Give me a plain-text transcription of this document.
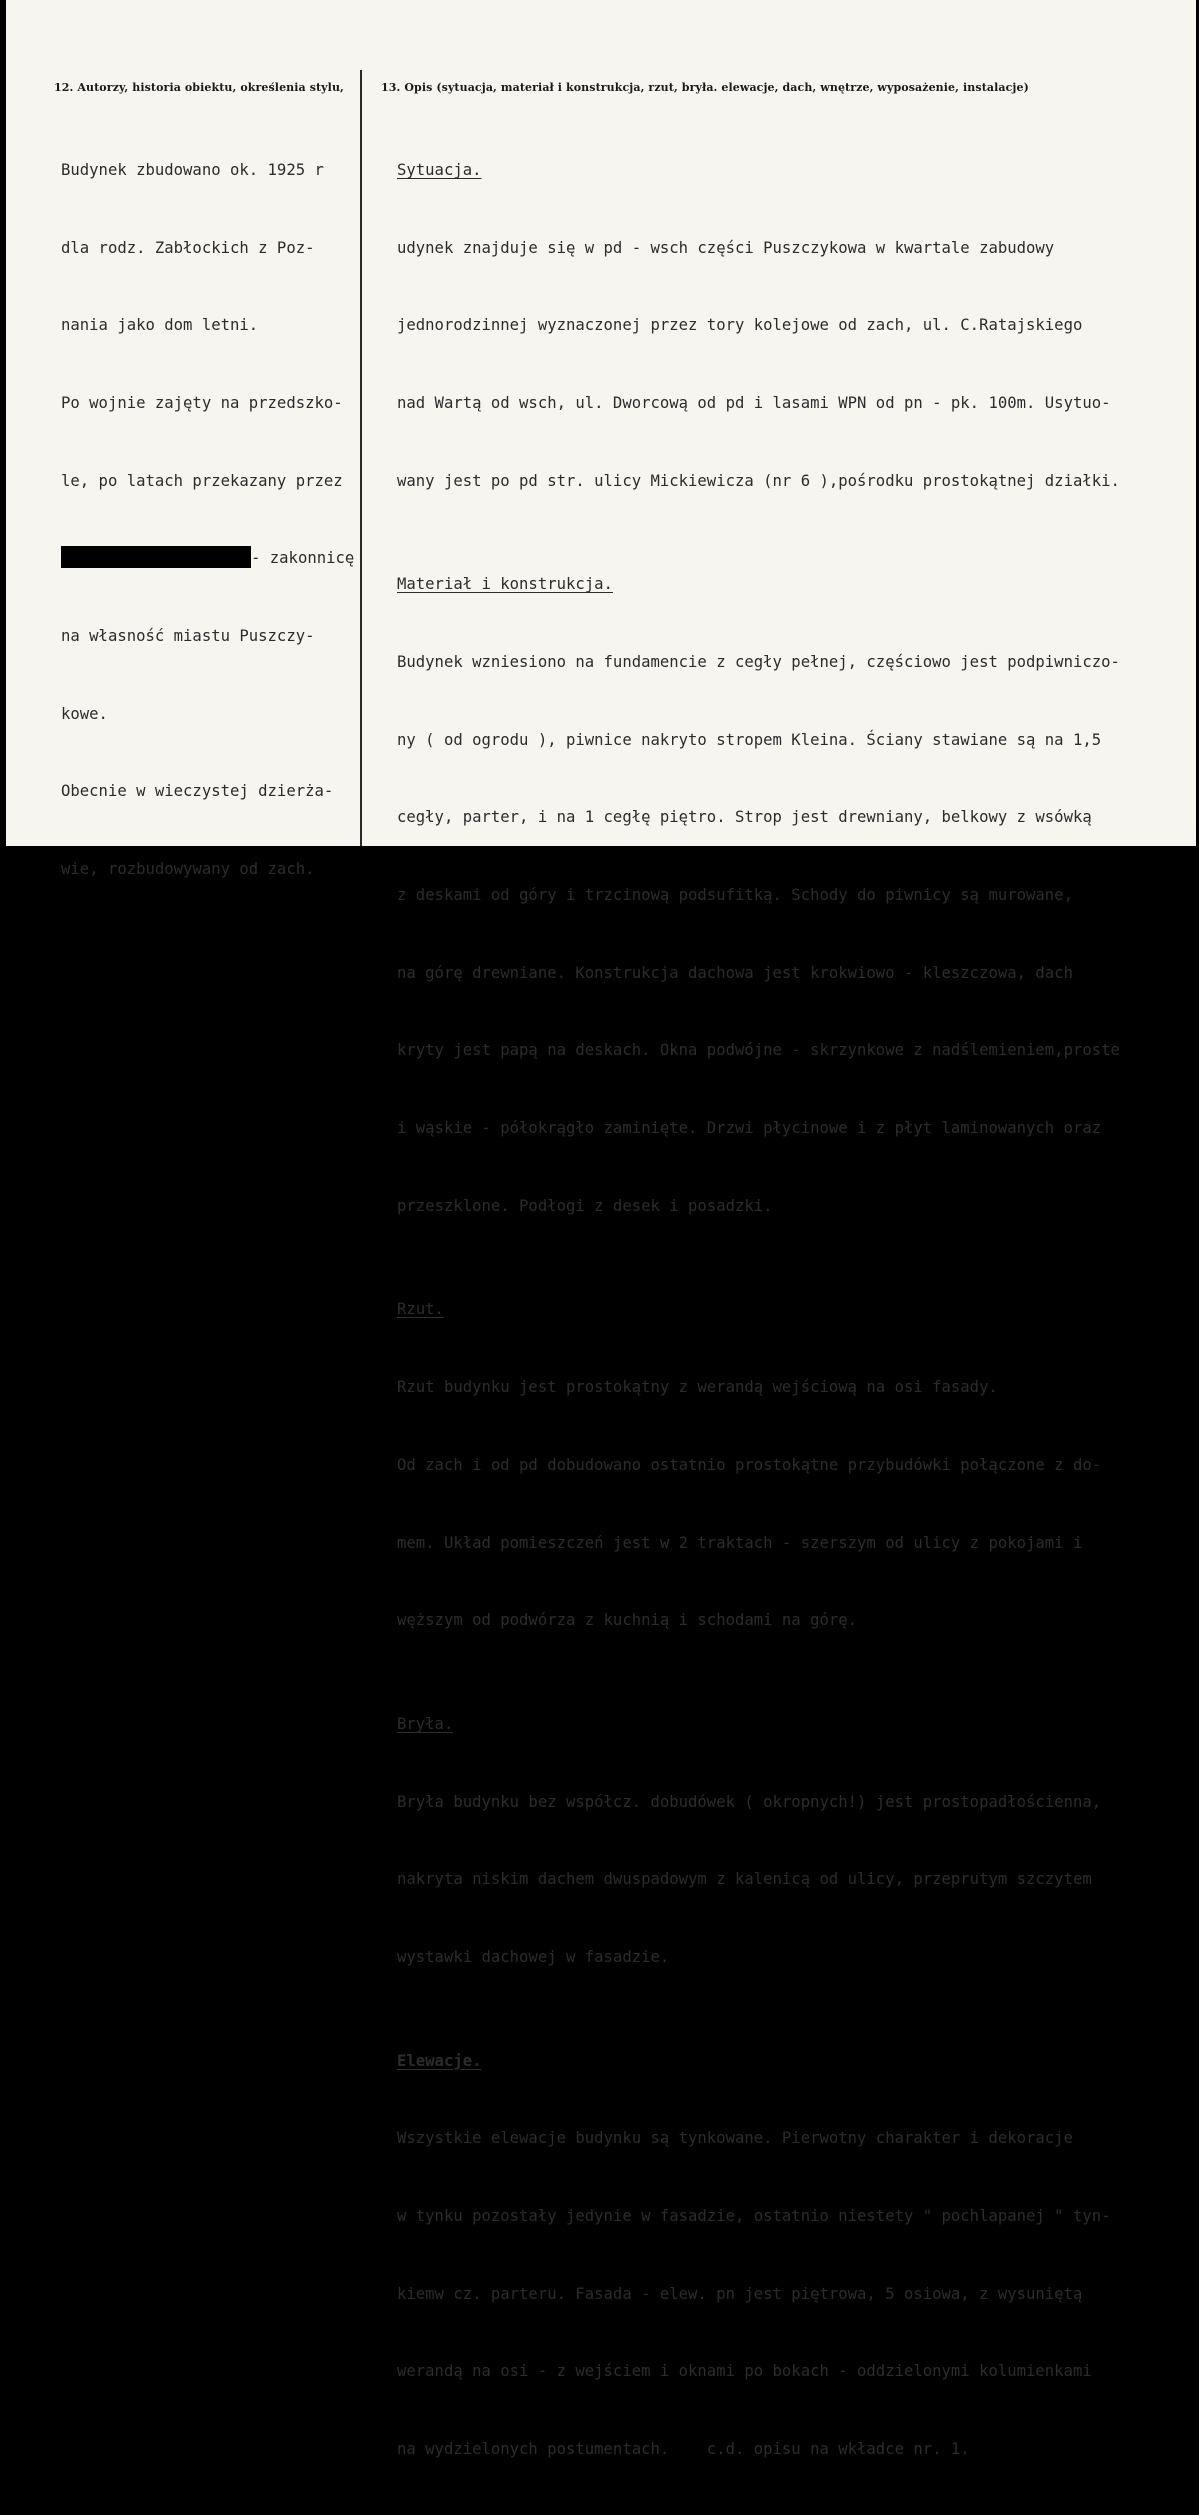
12. Autorzy, historia obiektu, określenia stylu,	13. Opis (sytuacja, materiał i konstrukcja, rzut, bryła. elewacje, dach, wnętrze, wyposażenie, instalacje)

Budynek zbudowano ok. 1925 r

dla rodz. Zabłockich z Poz-

nania jako dom letni.

Po wojnie zajęty na przedszko-

le, po latach przekazany przez

- zakonnicę

na własność miastu Puszczy-

kowe.

Obecnie w wieczystej dzierża-

wie, rozbudowywany od zach.

Sytuacja.

udynek znajduje się w pd - wsch części Puszczykowa w kwartale zabudowy

jednorodzinnej wyznaczonej przez tory kolejowe od zach, ul. C.Ratajskiego

nad Wartą od wsch, ul. Dworcową od pd i lasami WPN od pn - pk. 100m. Usytuo-

wany jest po pd str. ulicy Mickiewicza (nr 6 ),pośrodku prostokątnej działki.

Materiał i konstrukcja.

Budynek wzniesiono na fundamencie z cegły pełnej, częściowo jest podpiwniczo-

ny ( od ogrodu ), piwnice nakryto stropem Kleina. Ściany stawiane są na 1,5

cegły, parter, i na 1 cegłę piętro. Strop jest drewniany, belkowy z wsówką

z deskami od góry i trzcinową podsufitką. Schody do piwnicy są murowane,

na górę drewniane. Konstrukcja dachowa jest krokwiowo - kleszczowa, dach

kryty jest papą na deskach. Okna podwójne - skrzynkowe z nadślemieniem,proste

i wąskie - półokrągło zaminięte. Drzwi płycinowe i z płyt laminowanych oraz

przeszklone. Podłogi z desek i posadzki.

Rzut.

Rzut budynku jest prostokątny z werandą wejściową na osi fasady.

Od zach i od pd dobudowano ostatnio prostokątne przybudówki połączone z do-

mem. Układ pomieszczeń jest w 2 traktach - szerszym od ulicy z pokojami i

węższym od podwórza z kuchnią i schodami na górę.

Bryła.

Bryła budynku bez współcz. dobudówek ( okropnych!) jest prostopadłościenna,

nakryta niskim dachem dwuspadowym z kalenicą od ulicy, przeprutym szczytem

wystawki dachowej w fasadzie.

Elewacje.

Wszystkie elewacje budynku są tynkowane. Pierwotny charakter i dekoracje

w tynku pozostały jedynie w fasadzie, ostatnio niestety " pochlapanej " tyn-

kiemw cz. parteru. Fasada - elew. pn jest piętrowa, 5 osiowa, z wysuniętą

werandą na osi - z wejściem i oknami po bokach - oddzielonymi kolumienkami

na wydzielonych postumentach.    c.d. opisu na wkładce nr. 1.
